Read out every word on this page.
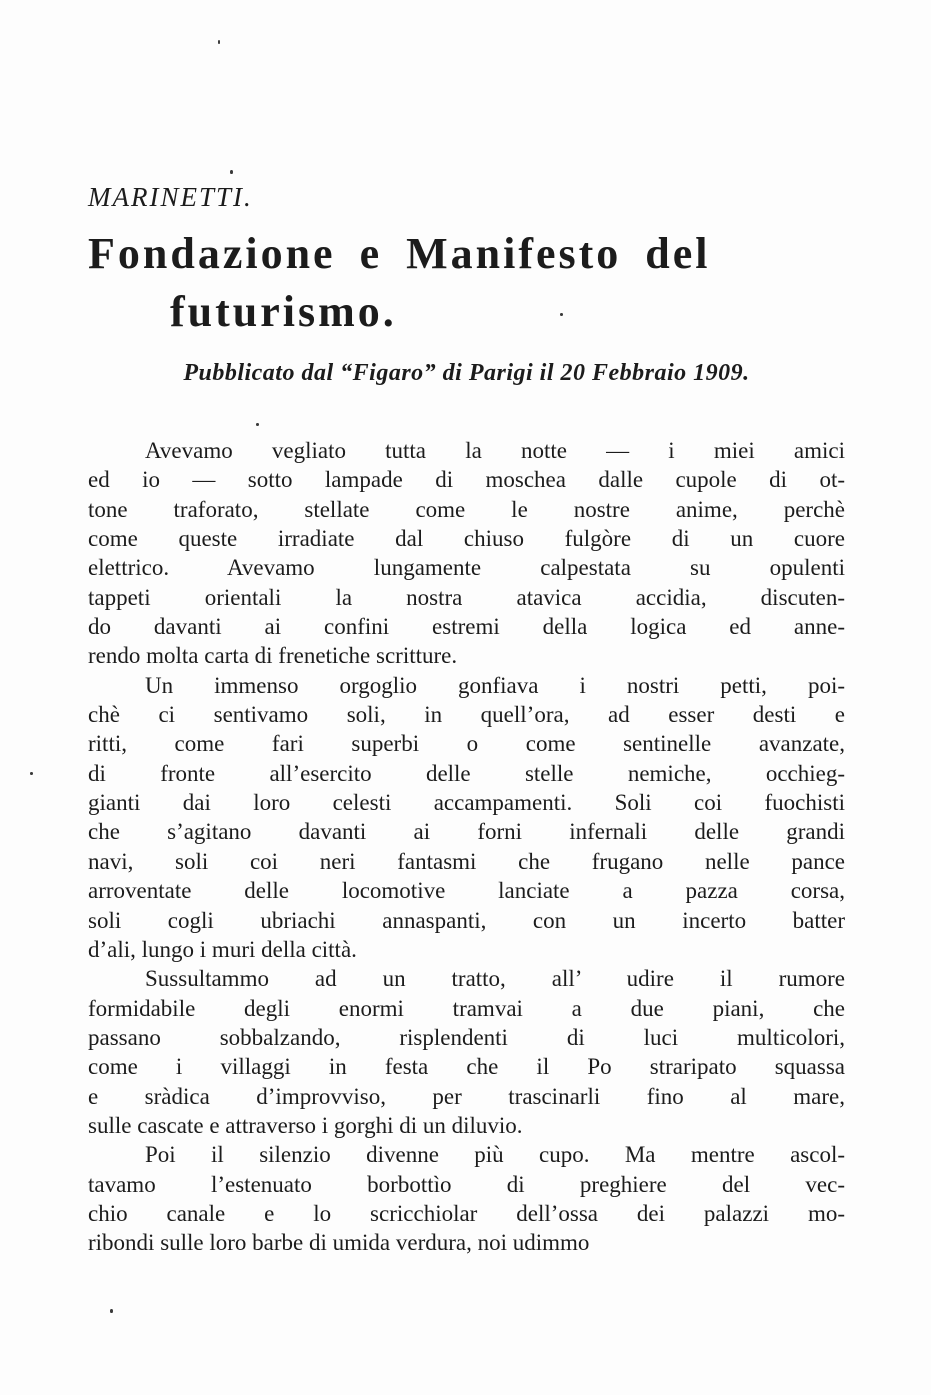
MARINETTI.
Fondazione e Manifesto del
futurismo.
Pubblicato dal “Figaro” di Parigi il 20 Febbraio 1909.
Avevamo vegliato tutta la notte — i miei amici
ed io — sotto lampade di moschea dalle cupole di ot-
tone traforato, stellate come le nostre anime, perchè
come queste irradiate dal chiuso fulgòre di un cuore
elettrico. Avevamo lungamente calpestata su opulenti
tappeti orientali la nostra atavica accidia, discuten-
do davanti ai confini estremi della logica ed anne-
rendo molta carta di frenetiche scritture.
Un immenso orgoglio gonfiava i nostri petti, poi-
chè ci sentivamo soli, in quell’ora, ad esser desti e
ritti, come fari superbi o come sentinelle avanzate,
di fronte all’esercito delle stelle nemiche, occhieg-
gianti dai loro celesti accampamenti. Soli coi fuochisti
che s’agitano davanti ai forni infernali delle grandi
navi, soli coi neri fantasmi che frugano nelle pance
arroventate delle locomotive lanciate a pazza corsa,
soli cogli ubriachi annaspanti, con un incerto batter
d’ali, lungo i muri della città.
Sussultammo ad un tratto, all’ udire il rumore
formidabile degli enormi tramvai a due piani, che
passano sobbalzando, risplendenti di luci multicolori,
come i villaggi in festa che il Po straripato squassa
e sràdica d’improvviso, per trascinarli fino al mare,
sulle cascate e attraverso i gorghi di un diluvio.
Poi il silenzio divenne più cupo. Ma mentre ascol-
tavamo l’estenuato borbottìo di preghiere del vec-
chio canale e lo scricchiolar dell’ossa dei palazzi mo-
ribondi sulle loro barbe di umida verdura, noi udimmo
